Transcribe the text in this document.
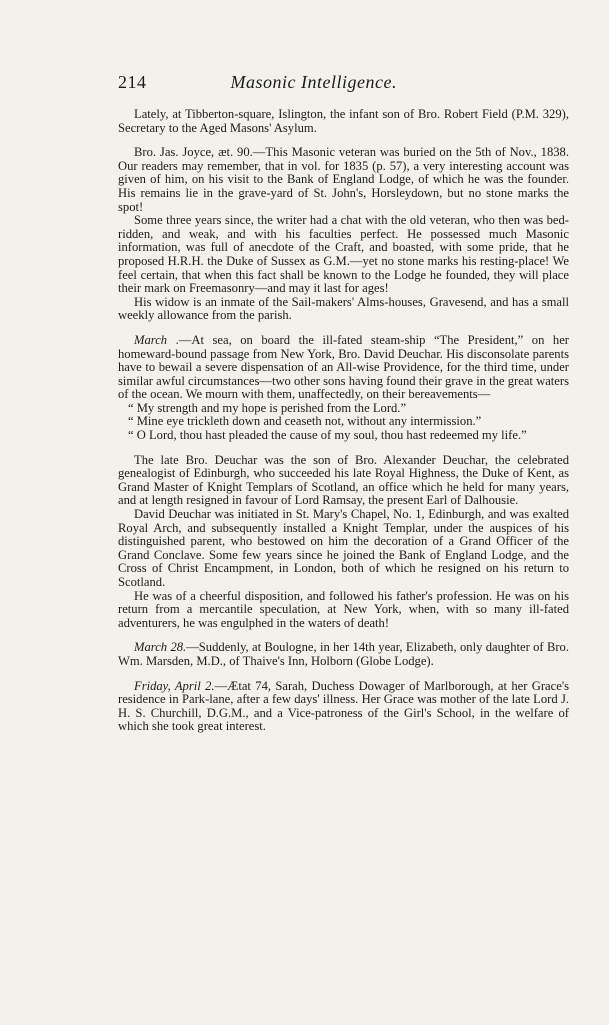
214	Masonic Intelligence.

Lately, at Tibberton-square, Islington, the infant son of Bro. Robert Field (P.M. 329), Secretary to the Aged Masons' Asylum.

Bro. Jas. Joyce, æt. 90.—This Masonic veteran was buried on the 5th of Nov., 1838. Our readers may remember, that in vol. for 1835 (p. 57), a very interesting account was given of him, on his visit to the Bank of England Lodge, of which he was the founder. His remains lie in the grave-yard of St. John's, Horsleydown, but no stone marks the spot!

Some three years since, the writer had a chat with the old veteran, who then was bed-ridden, and weak, and with his faculties perfect. He possessed much Masonic information, was full of anecdote of the Craft, and boasted, with some pride, that he proposed H.R.H. the Duke of Sussex as G.M.—yet no stone marks his resting-place! We feel certain, that when this fact shall be known to the Lodge he founded, they will place their mark on Freemasonry—and may it last for ages!

His widow is an inmate of the Sail-makers' Alms-houses, Gravesend, and has a small weekly allowance from the parish.

March .—At sea, on board the ill-fated steam-ship “The President,” on her homeward-bound passage from New York, Bro. David Deuchar. His disconsolate parents have to bewail a severe dispensation of an All-wise Providence, for the third time, under similar awful circumstances—two other sons having found their grave in the great waters of the ocean. We mourn with them, unaffectedly, on their bereavements—

“ My strength and my hope is perished from the Lord.”

“ Mine eye trickleth down and ceaseth not, without any intermission.”

“ O Lord, thou hast pleaded the cause of my soul, thou hast redeemed my life.”

The late Bro. Deuchar was the son of Bro. Alexander Deuchar, the celebrated genealogist of Edinburgh, who succeeded his late Royal Highness, the Duke of Kent, as Grand Master of Knight Templars of Scotland, an office which he held for many years, and at length resigned in favour of Lord Ramsay, the present Earl of Dalhousie.

David Deuchar was initiated in St. Mary's Chapel, No. 1, Edinburgh, and was exalted Royal Arch, and subsequently installed a Knight Templar, under the auspices of his distinguished parent, who bestowed on him the decoration of a Grand Officer of the Grand Conclave. Some few years since he joined the Bank of England Lodge, and the Cross of Christ Encampment, in London, both of which he resigned on his return to Scotland.

He was of a cheerful disposition, and followed his father's profession. He was on his return from a mercantile speculation, at New York, when, with so many ill-fated adventurers, he was engulphed in the waters of death!

March 28.—Suddenly, at Boulogne, in her 14th year, Elizabeth, only daughter of Bro. Wm. Marsden, M.D., of Thaive's Inn, Holborn (Globe Lodge).

Friday, April 2.—Ætat 74, Sarah, Duchess Dowager of Marlborough, at her Grace's residence in Park-lane, after a few days' illness. Her Grace was mother of the late Lord J. H. S. Churchill, D.G.M., and a Vice-patroness of the Girl's School, in the welfare of which she took great interest.
